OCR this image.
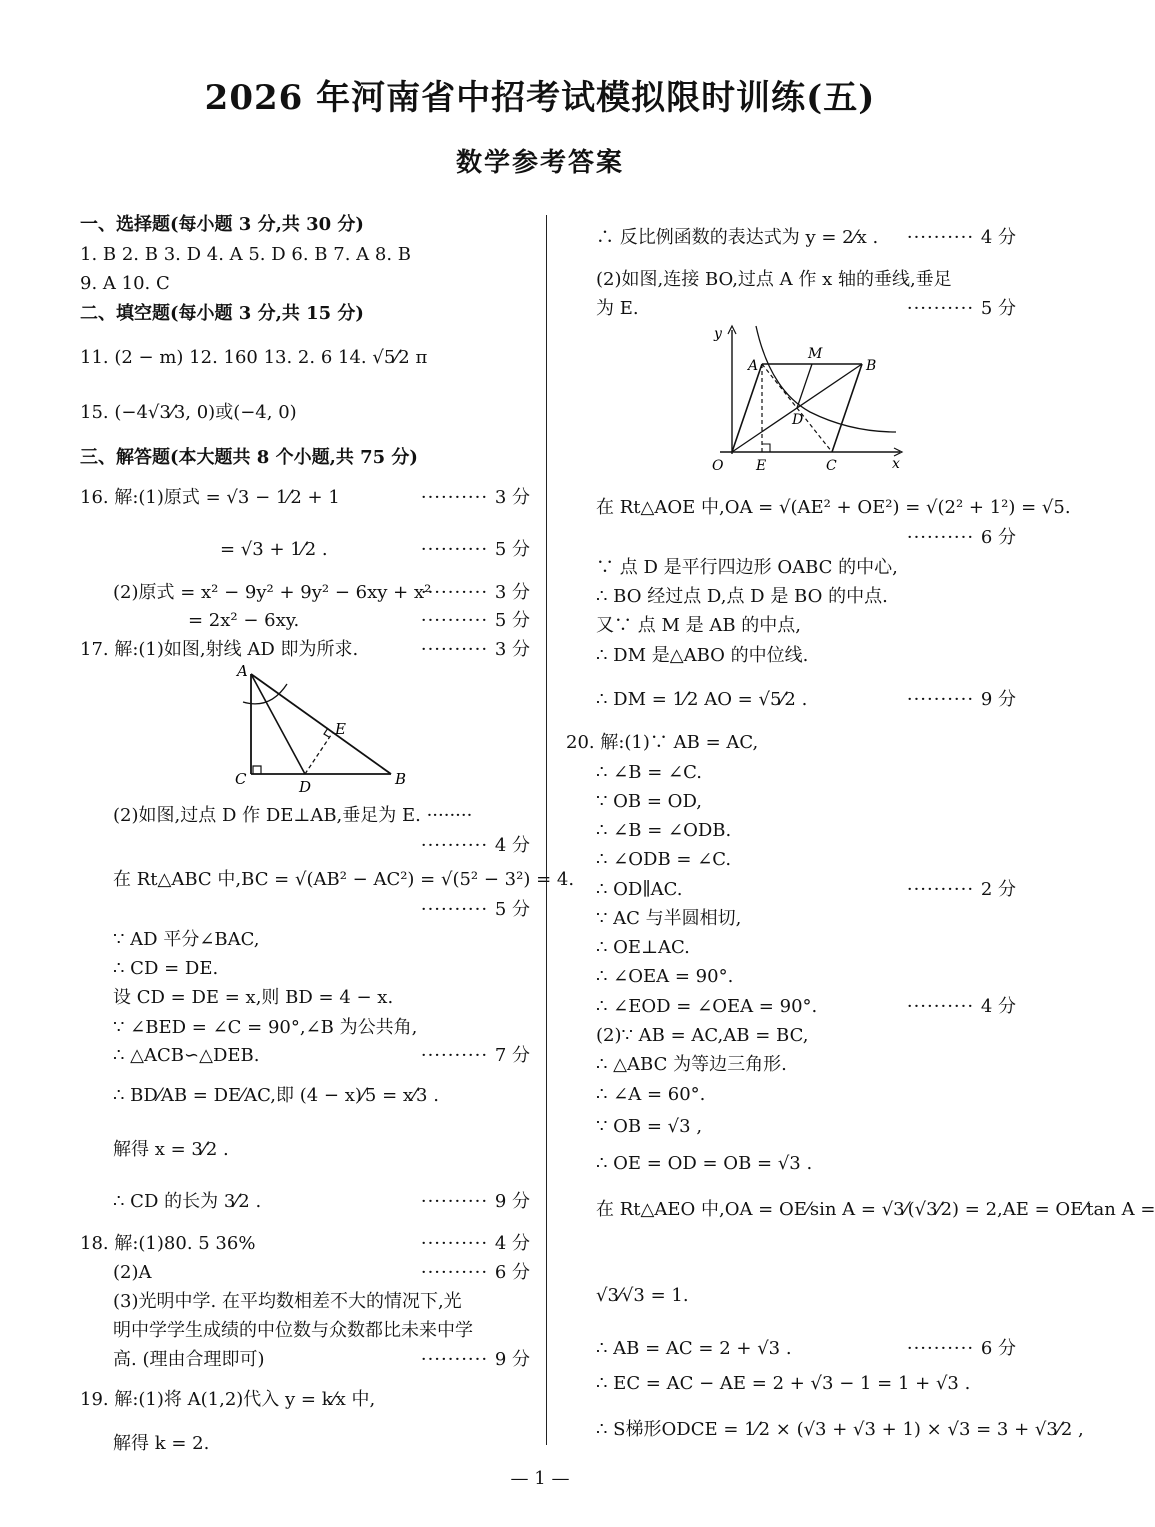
2026 年河南省中招考试模拟限时训练(五)
数学参考答案
一、选择题(每小题 3 分,共 30 分)
1. B 2. B 3. D 4. A 5. D 6. B 7. A 8. B
9. A 10. C
二、填空题(每小题 3 分,共 15 分)
11. (2 − m) 12. 160 13. 2. 6 14. √5⁄2 π
15. (−4√3⁄3, 0)或(−4, 0)
三、解答题(本大题共 8 个小题,共 75 分)
16. 解:(1)原式 = √3 − 1⁄2 + 1	·········· 3 分
= √3 + 1⁄2 .	·········· 5 分
(2)原式 = x² − 9y² + 9y² − 6xy + x²
·········· 3 分
= 2x² − 6xy.	·········· 5 分
17. 解:(1)如图,射线 AD 即为所求.	·········· 3 分
(2)如图,过点 D 作 DE⊥AB,垂足为 E. ········
·········· 4 分
在 Rt△ABC 中,BC = √(AB² − AC²) = √(5² − 3²) = 4.
·········· 5 分
∵ AD 平分∠BAC,
∴ CD = DE.
设 CD = DE = x,则 BD = 4 − x.
∵ ∠BED = ∠C = 90°,∠B 为公共角,
∴ △ACB∽△DEB.	·········· 7 分
∴ BD⁄AB = DE⁄AC,即 (4 − x)⁄5 = x⁄3 .
解得 x = 3⁄2 .
∴ CD 的长为 3⁄2 .	·········· 9 分
18. 解:(1)80. 5 36%	·········· 4 分
(2)A	·········· 6 分
(3)光明中学. 在平均数相差不大的情况下,光
明中学学生成绩的中位数与众数都比未来中学
高. (理由合理即可)	·········· 9 分
19. 解:(1)将 A(1,2)代入 y = k⁄x 中,
解得 k = 2.
∴ 反比例函数的表达式为 y = 2⁄x . ·········· 4 分
(2)如图,连接 BO,过点 A 作 x 轴的垂线,垂足
为 E.	·········· 5 分
在 Rt△AOE 中,OA = √(AE² + OE²) = √(2² + 1²) = √5.
·········· 6 分
∵ 点 D 是平行四边形 OABC 的中心,
∴ BO 经过点 D,点 D 是 BO 的中点.
又∵ 点 M 是 AB 的中点,
∴ DM 是△ABO 的中位线.
∴ DM = 1⁄2 AO = √5⁄2 .	·········· 9 分
20. 解:(1)∵ AB = AC,
∴ ∠B = ∠C.
∵ OB = OD,
∴ ∠B = ∠ODB.
∴ ∠ODB = ∠C.
∴ OD∥AC.	·········· 2 分
∵ AC 与半圆相切,
∴ OE⊥AC.
∴ ∠OEA = 90°.
∴ ∠EOD = ∠OEA = 90°.	·········· 4 分
(2)∵ AB = AC,AB = BC,
∴ △ABC 为等边三角形.
∴ ∠A = 60°.
∵ OB = √3 ,
∴ OE = OD = OB = √3 .
在 Rt△AEO 中,OA = OE⁄sin A = √3⁄(√3⁄2) = 2,AE = OE⁄tan A =
√3⁄√3 = 1.
∴ AB = AC = 2 + √3 .	·········· 6 分
∴ EC = AC − AE = 2 + √3 − 1 = 1 + √3 .
∴ S梯形ODCE = 1⁄2 × (√3 + √3 + 1) × √3 = 3 + √3⁄2 ,
A
C	D
E
B
y
A
M
B
D
O E	C	x
— 1 —
